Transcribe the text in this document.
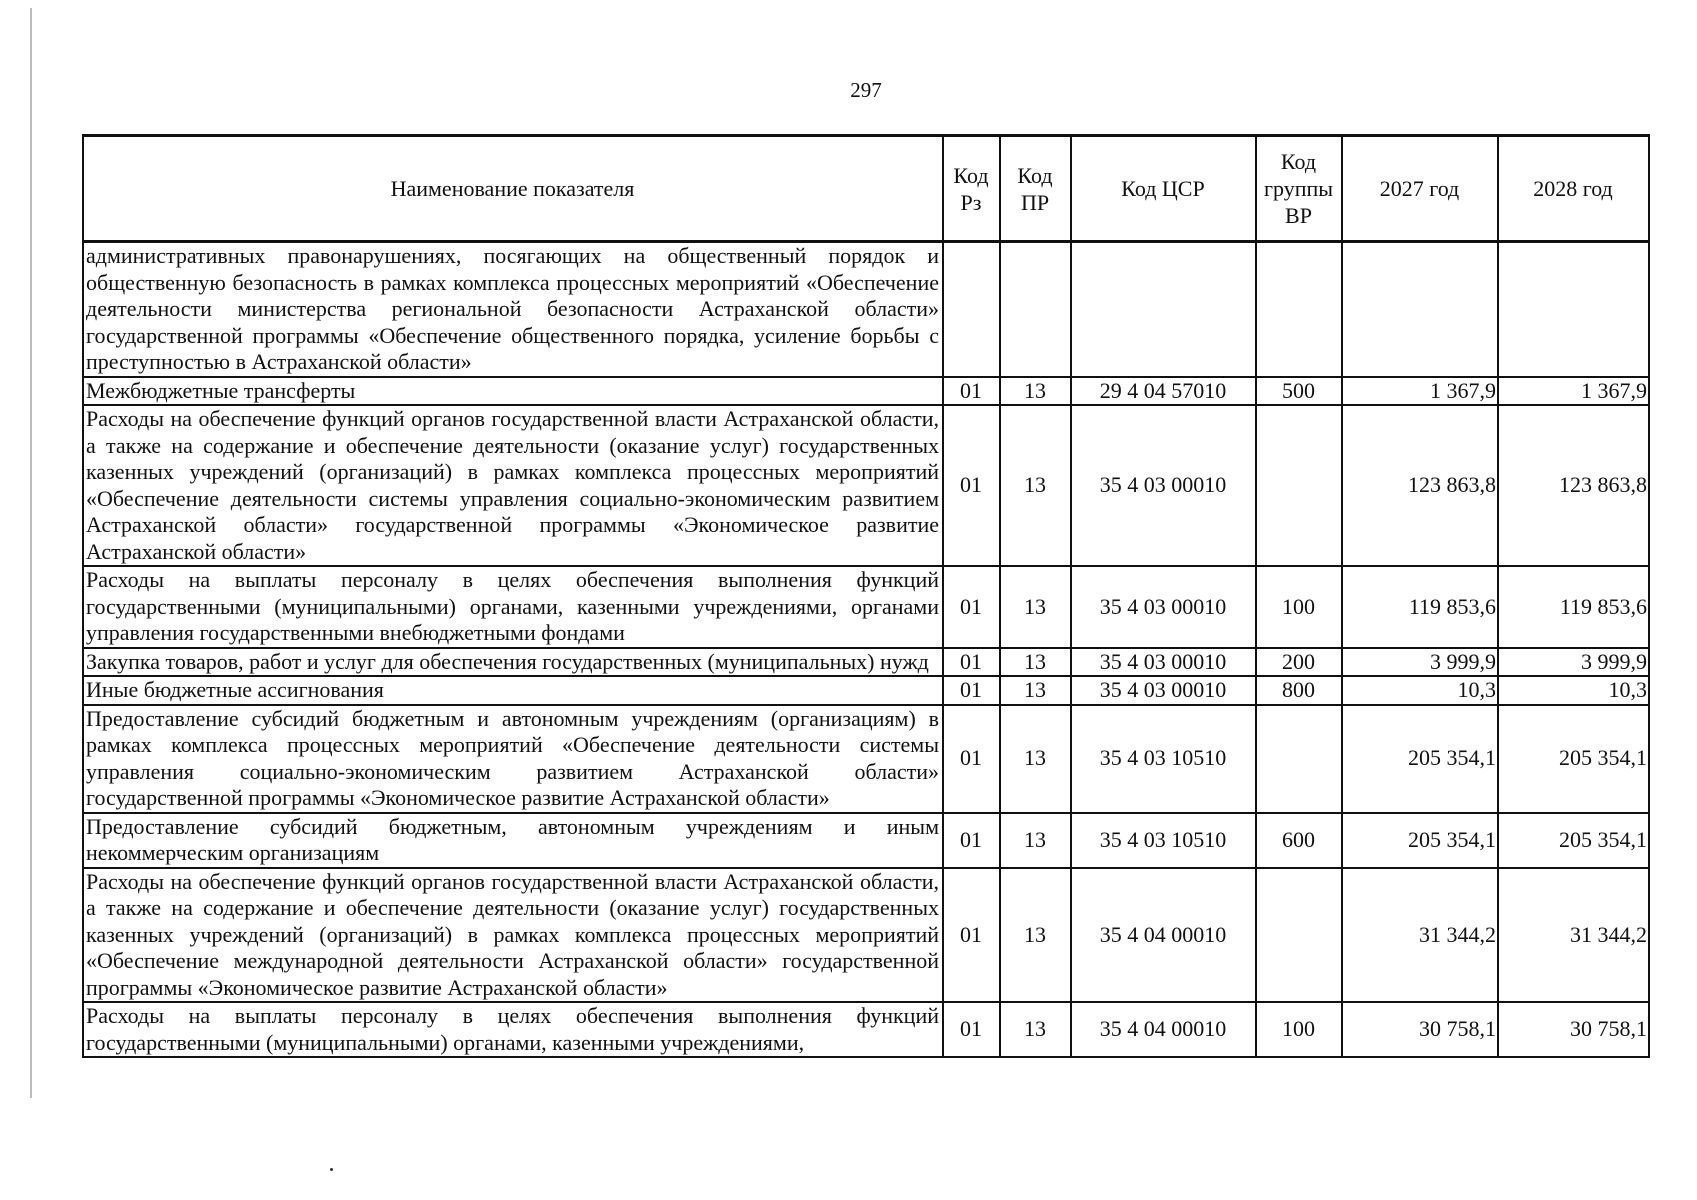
297
Наименование показателя	Код Рз	Код ПР	Код ЦСР	Код группы ВР	2027 год	2028 год
административных правонарушениях, посягающих на общественный порядок и общественную безопасность в рамках комплекса процессных мероприятий «Обеспечение деятельности министерства региональной безопасности Астраханской области» государственной программы «Обеспечение общественного порядка, усиление борьбы с преступностью в Астраханской области»						
Межбюджетные трансферты	01	13	29 4 04 57010	500	1 367,9	1 367,9
Расходы на обеспечение функций органов государственной власти Астраханской области, а также на содержание и обеспечение деятельности (оказание услуг) государственных казенных учреждений (организаций) в рамках комплекса процессных мероприятий «Обеспечение деятельности системы управления социально-экономическим развитием Астраханской области» государственной программы «Экономическое развитие Астраханской области»	01	13	35 4 03 00010		123 863,8	123 863,8
Расходы на выплаты персоналу в целях обеспечения выполнения функций государственными (муниципальными) органами, казенными учреждениями, органами управления государственными внебюджетными фондами	01	13	35 4 03 00010	100	119 853,6	119 853,6
Закупка товаров, работ и услуг для обеспечения государственных (муниципальных) нужд	01	13	35 4 03 00010	200	3 999,9	3 999,9
Иные бюджетные ассигнования	01	13	35 4 03 00010	800	10,3	10,3
Предоставление субсидий бюджетным и автономным учреждениям (организациям) в рамках комплекса процессных мероприятий «Обеспечение деятельности системы управления социально-экономическим развитием Астраханской области» государственной программы «Экономическое развитие Астраханской области»	01	13	35 4 03 10510		205 354,1	205 354,1
Предоставление субсидий бюджетным, автономным учреждениям и иным некоммерческим организациям	01	13	35 4 03 10510	600	205 354,1	205 354,1
Расходы на обеспечение функций органов государственной власти Астраханской области, а также на содержание и обеспечение деятельности (оказание услуг) государственных казенных учреждений (организаций) в рамках комплекса процессных мероприятий «Обеспечение международной деятельности Астраханской области» государственной программы «Экономическое развитие Астраханской области»	01	13	35 4 04 00010		31 344,2	31 344,2
Расходы на выплаты персоналу в целях обеспечения выполнения функций государственными (муниципальными) органами, казенными учреждениями,	01	13	35 4 04 00010	100	30 758,1	30 758,1
